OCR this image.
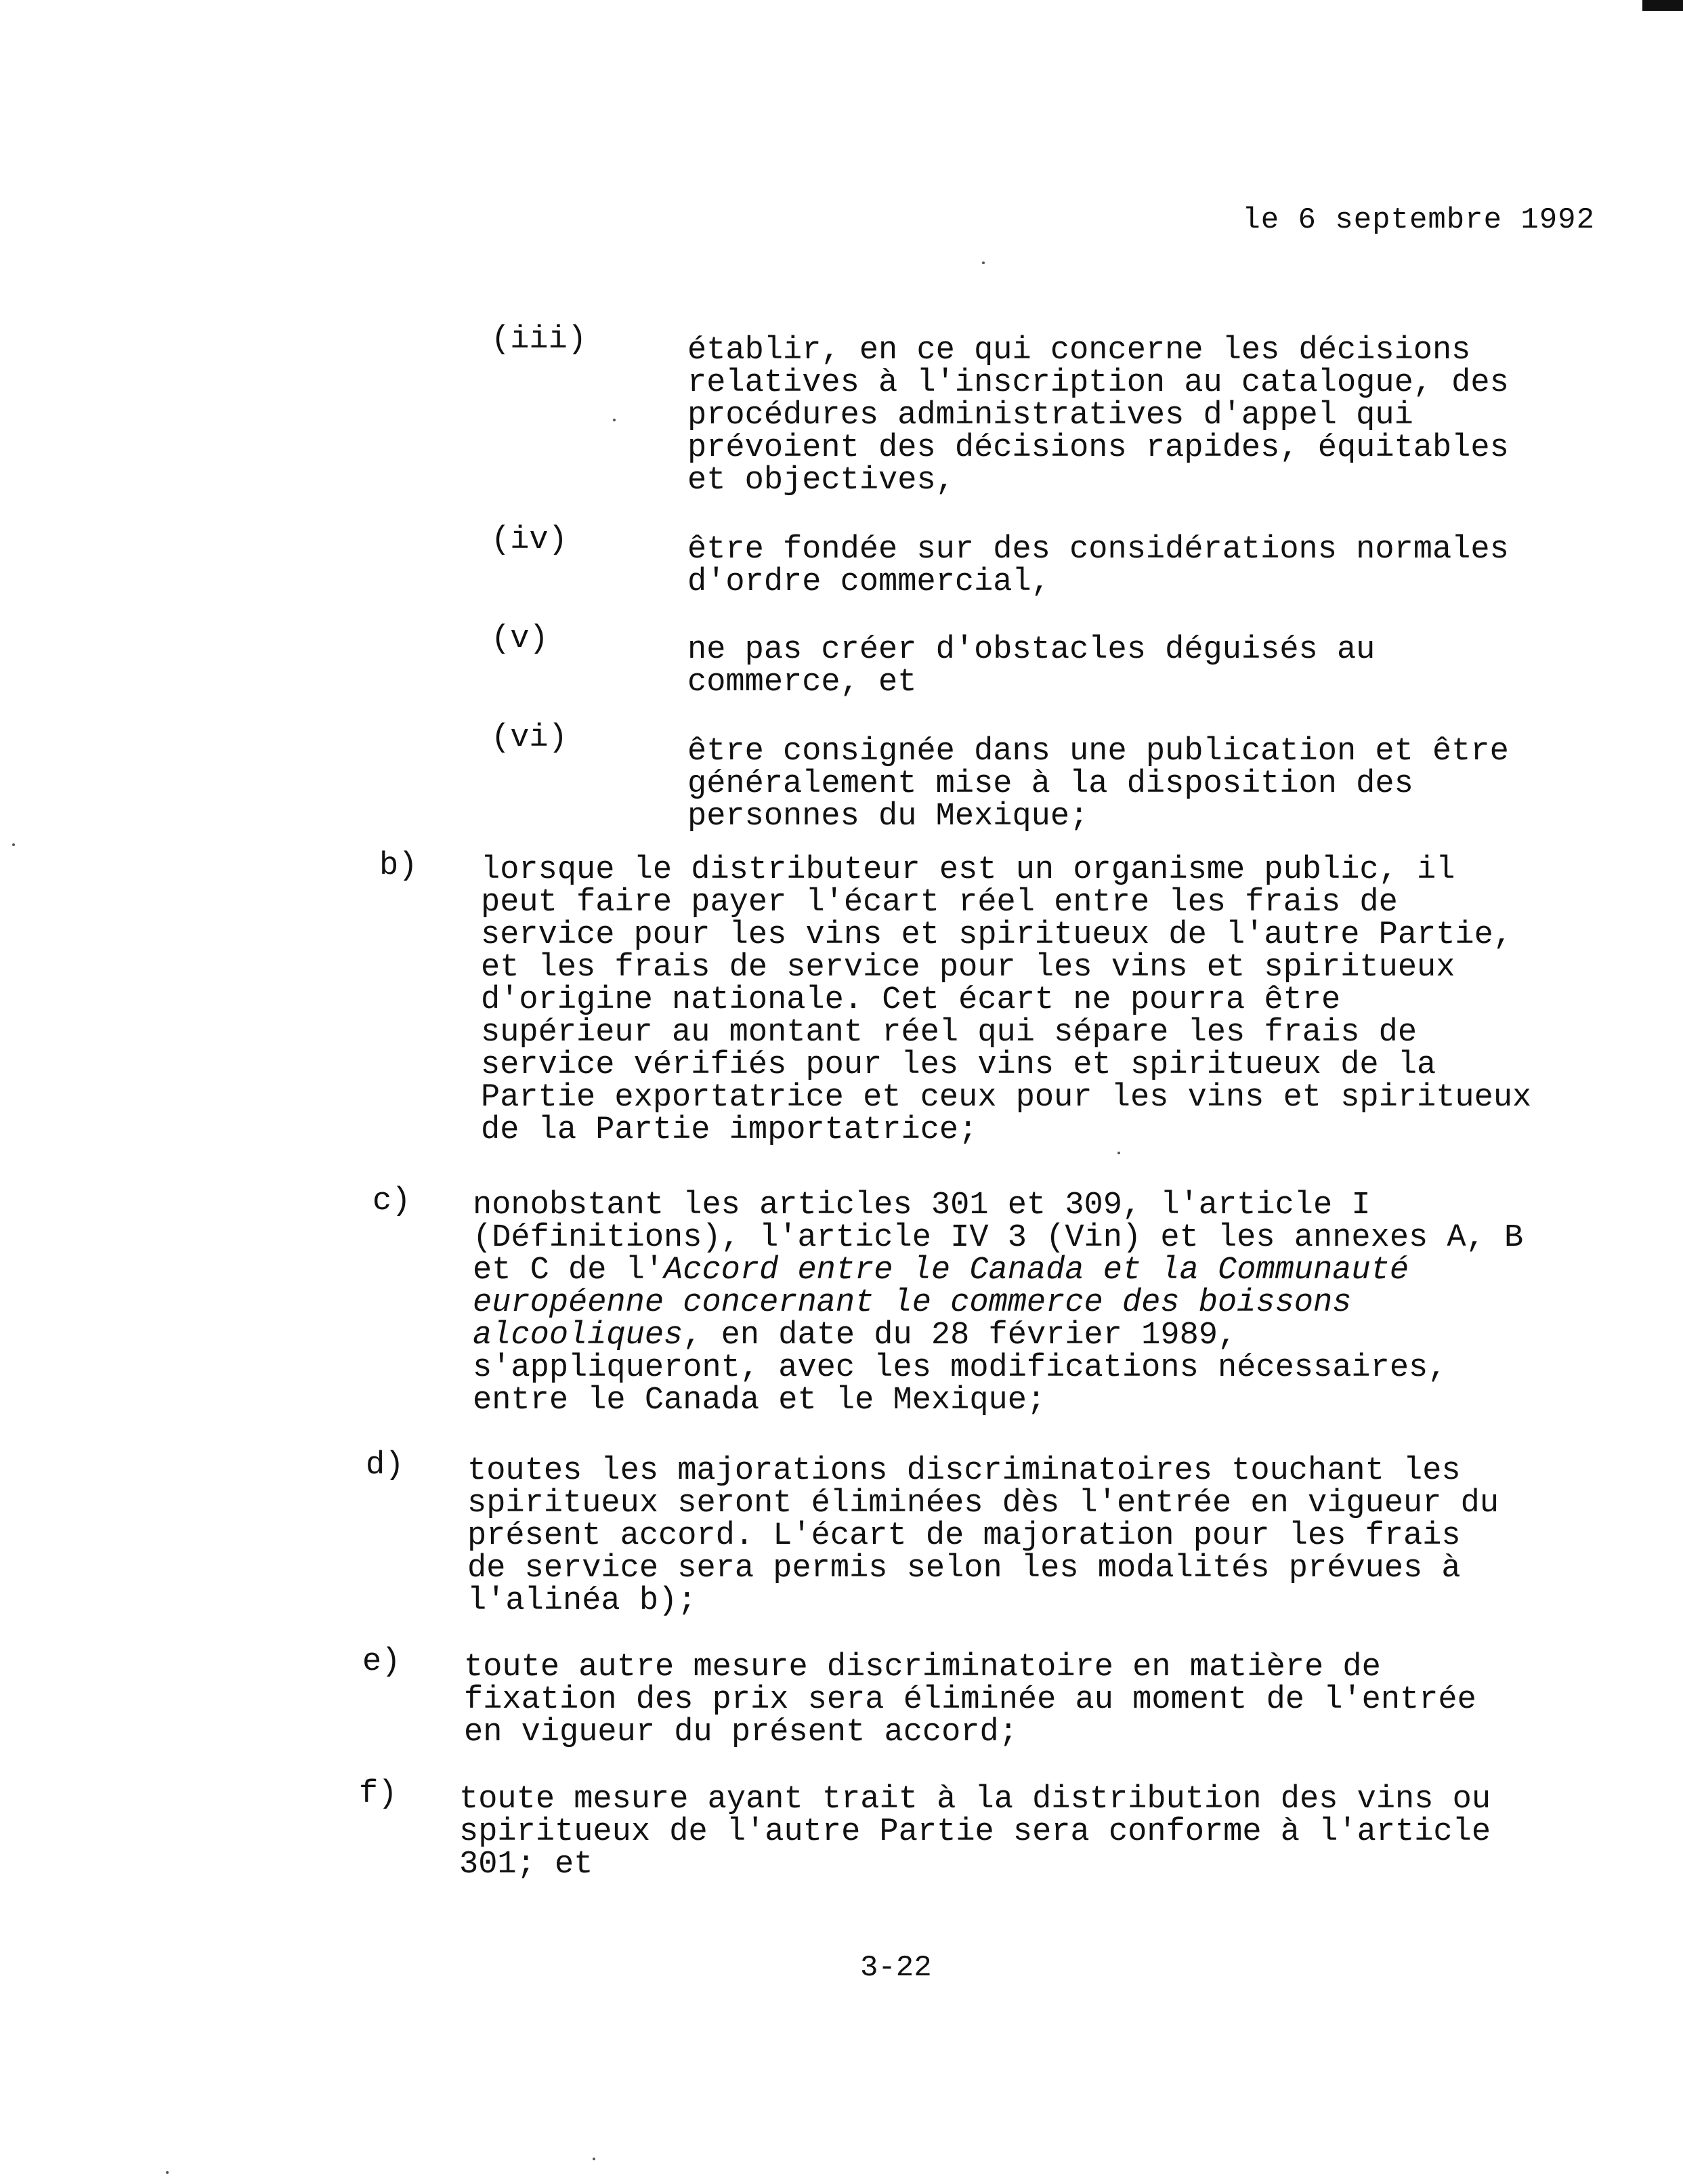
le 6 septembre 1992
(iii)	établir, en ce qui concerne les décisions
relatives à l'inscription au catalogue, des
procédures administratives d'appel qui
prévoient des décisions rapides, équitables
et objectives,
(iv)	être fondée sur des considérations normales
d'ordre commercial,
(v)	ne pas créer d'obstacles déguisés au
commerce, et
(vi)	être consignée dans une publication et être
généralement mise à la disposition des
personnes du Mexique;
b) lorsque le distributeur est un organisme public, il
peut faire payer l'écart réel entre les frais de
service pour les vins et spiritueux de l'autre Partie,
et les frais de service pour les vins et spiritueux
d'origine nationale. Cet écart ne pourra être
supérieur au montant réel qui sépare les frais de
service vérifiés pour les vins et spiritueux de la
Partie exportatrice et ceux pour les vins et spiritueux
de la Partie importatrice;
c) nonobstant les articles 301 et 309, l'article I
(Définitions), l'article IV 3 (Vin) et les annexes A, B
et C de l'Accord entre le Canada et la Communauté
européenne concernant le commerce des boissons
alcooliques, en date du 28 février 1989,
s'appliqueront, avec les modifications nécessaires,
entre le Canada et le Mexique;
d) toutes les majorations discriminatoires touchant les
spiritueux seront éliminées dès l'entrée en vigueur du
présent accord. L'écart de majoration pour les frais
de service sera permis selon les modalités prévues à
l'alinéa b);
e) toute autre mesure discriminatoire en matière de
fixation des prix sera éliminée au moment de l'entrée
en vigueur du présent accord;
f) toute mesure ayant trait à la distribution des vins ou
spiritueux de l'autre Partie sera conforme à l'article
301; et
3-22
